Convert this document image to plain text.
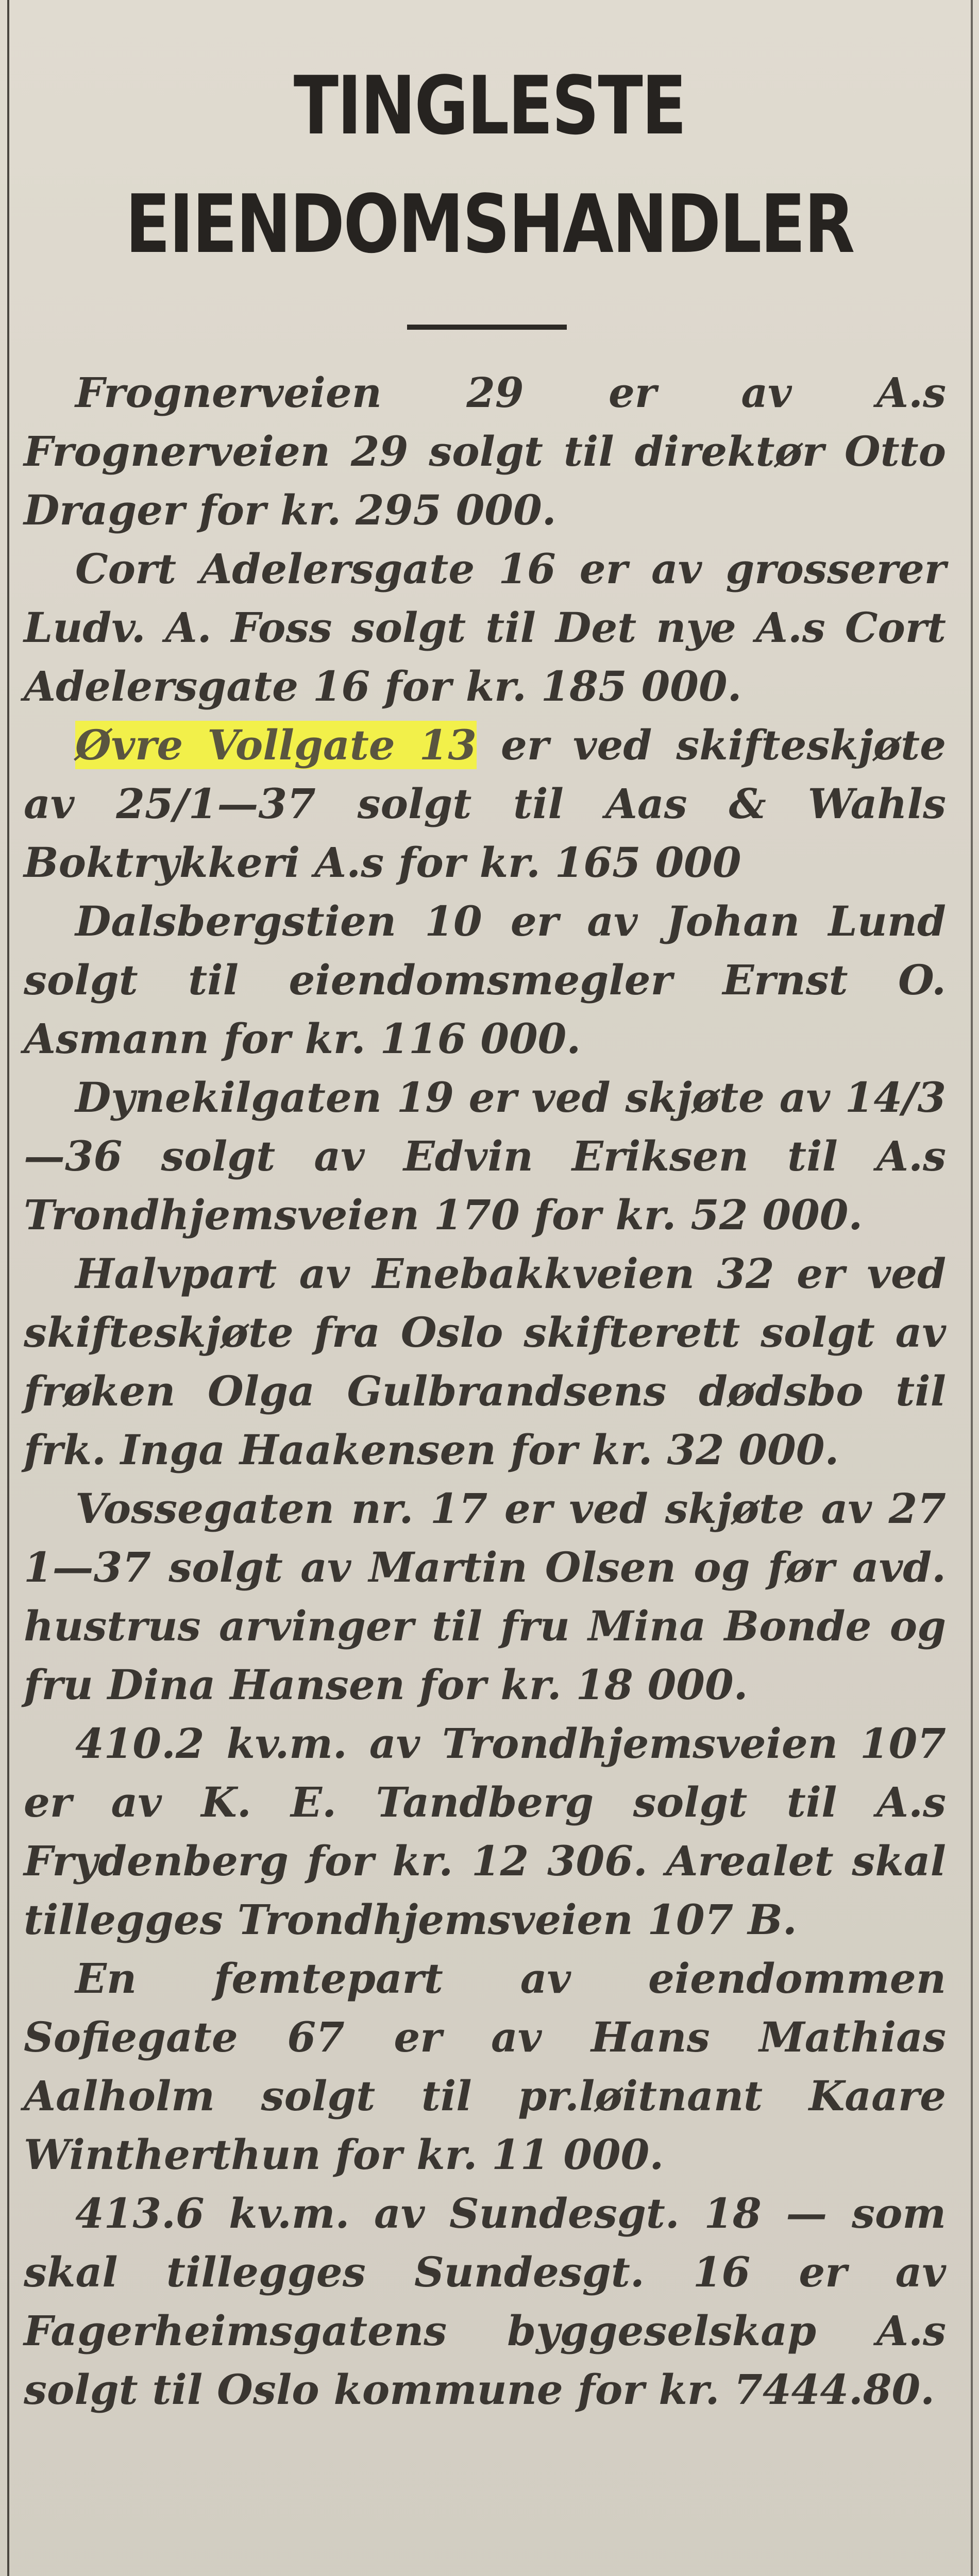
TINGLESTE
EIENDOMSHANDLER

Frognerveien 29 er av A.s Frognerveien 29 solgt til direktør Otto Drager for kr. 295 000.

Cort Adelersgate 16 er av grosserer Ludv. A. Foss solgt til Det nye A.s Cort Adelersgate 16 for kr. 185 000.

Øvre Vollgate 13 er ved skifteskjøte av 25/1—37 solgt til Aas & Wahls Boktrykkeri A.s for kr. 165 000

Dalsbergstien 10 er av Johan Lund solgt til eiendomsmegler Ernst O. Asmann for kr. 116 000.

Dynekilgaten 19 er ved skjøte av 14/3—36 solgt av Edvin Eriksen til A.s Trondhjemsveien 170 for kr. 52 000.

Halvpart av Enebakkveien 32 er ved skifteskjøte fra Oslo skifterett solgt av frøken Olga Gulbrandsens dødsbo til frk. Inga Haakensen for kr. 32 000.

Vossegaten nr. 17 er ved skjøte av 27 1—37 solgt av Martin Olsen og før avd. hustrus arvinger til fru Mina Bonde og fru Dina Hansen for kr. 18 000.

410.2 kv.m. av Trondhjemsveien 107 er av K. E. Tandberg solgt til A.s Frydenberg for kr. 12 306. Arealet skal tillegges Trondhjemsveien 107 B.

En femtepart av eiendommen Sofiegate 67 er av Hans Mathias Aalholm solgt til pr.løitnant Kaare Wintherthun for kr. 11 000.

413.6 kv.m. av Sundesgt. 18 — som skal tillegges Sundesgt. 16 er av Fagerheimsgatens byggeselskap A.s solgt til Oslo kommune for kr. 7444.80.
